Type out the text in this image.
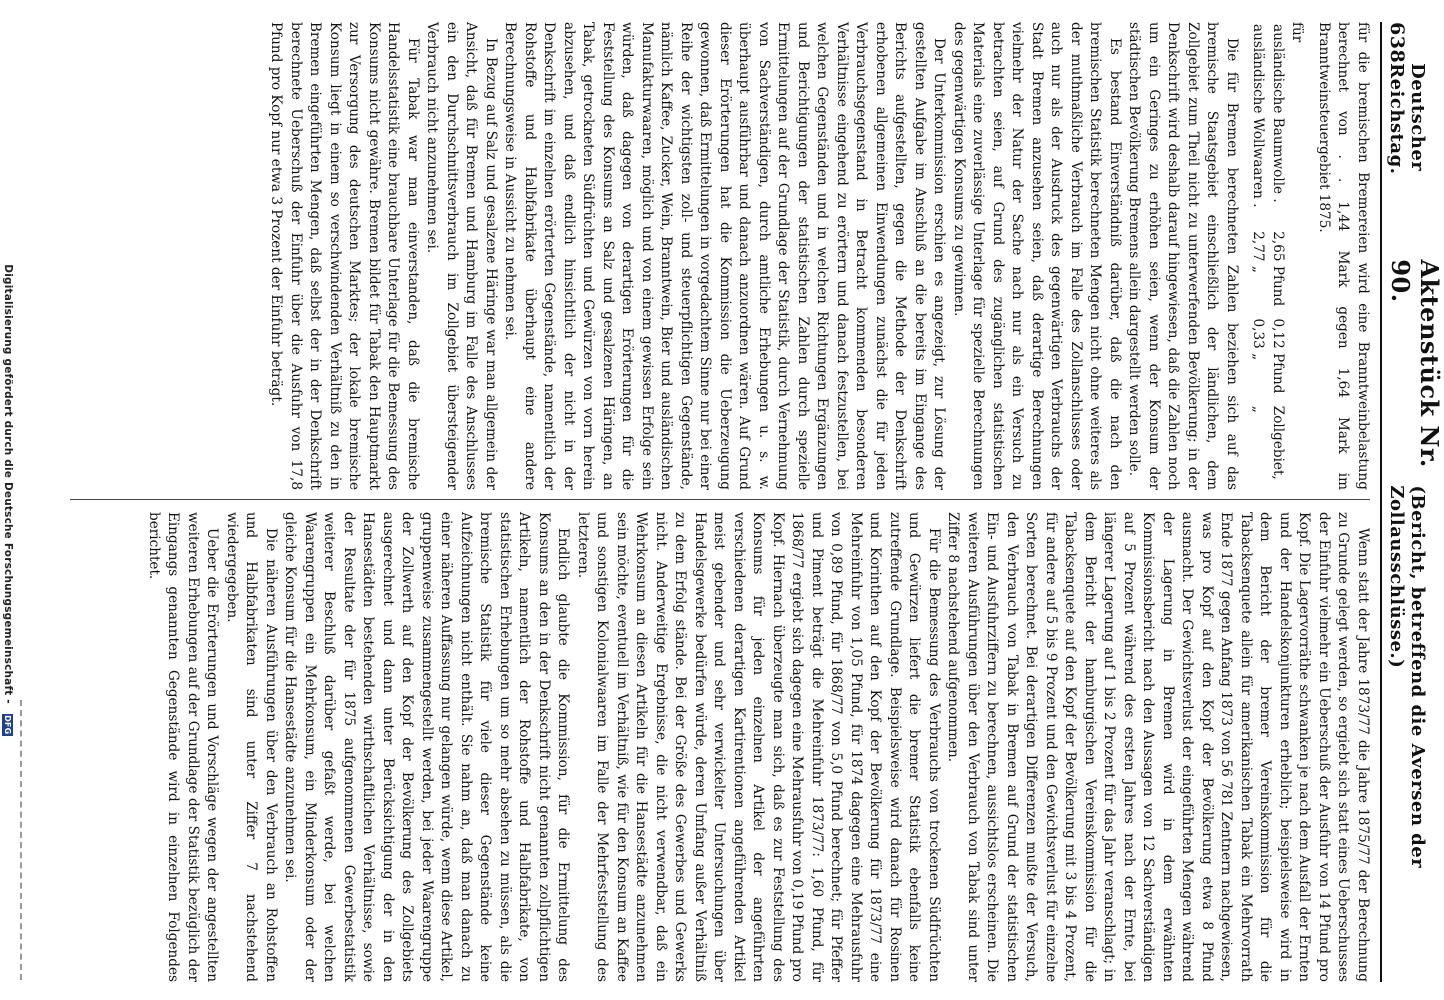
638
Deutscher Reichstag.
Aktenstück Nr. 90.
(Bericht, betreffend die Aversen der Zollausschlüsse.)

für die bremischen Bremereien wird eine Branntweinbelastung berechnet von . . 1,44 Mark gegen 1,64 Mark im Branntweinsteuergebiet 1875.

für
ausländische Baumwolle .	2,65 Pfund	0,12 Pfund	Zollgebiet,
ausländische Wollwaaren .	2,77 „	0,33 „	„

Die für Bremen berechneten Zahlen beziehen sich auf das bremische Staatsgebiet einschließlich der ländlichen, dem Zollgebiet zum Theil nicht zu unterwerfenden Bevölkerung; in der Denkschrift wird deshalb darauf hingewiesen, daß die Zahlen noch um ein Geringes zu erhöhen seien, wenn der Konsum der städtischen Bevölkerung Bremens allein dargestellt werden solle.

Es bestand Einverständniß darüber, daß die nach den bremischen Statistik berechneten Mengen nicht ohne weiteres als der muthmaßliche Verbrauch im Falle des Zollanschlusses oder auch nur als der Ausdruck des gegenwärtigen Verbrauchs der Stadt Bremen anzusehen seien, daß derartige Berechnungen vielmehr der Natur der Sache nach nur als ein Versuch zu betrachten seien, auf Grund des zugänglichen statistischen Materials eine zuverlässige Unterlage für spezielle Berechnungen des gegenwärtigen Konsums zu gewinnen.

Der Unterkommission erschien es angezeigt, zur Lösung der gestellten Aufgabe im Anschluß an die bereits im Eingange des Berichts aufgestellten, gegen die Methode der Denkschrift erhobenen allgemeinen Einwendungen zunächst die für jeden Verbrauchsgegenstand in Betracht kommenden besonderen Verhältnisse eingehend zu erörtern und danach festzustellen, bei welchen Gegenständen und in welchen Richtungen Ergänzungen und Berichtigungen der statistischen Zahlen durch spezielle Ermittelungen auf der Grundlage der Statistik, durch Vernehmung von Sachverständigen, durch amtliche Erhebungen u. s. w. überhaupt ausführbar und danach anzuordnen wären. Auf Grund dieser Erörterungen hat die Kommission die Ueberzeugung gewonnen, daß Ermittelungen in vorgedachtem Sinne nur bei einer Reihe der wichtigsten zoll- und steuerpflichtigen Gegenstände, nämlich Kaffee, Zucker, Wein, Branntwein, Bier und ausländischen Manufakturwaaren, möglich und von einem gewissen Erfolge sein würden, daß dagegen von derartigen Erörterungen für die Feststellung des Konsums an Salz und gesalzenen Häringen, an Tabak, getrockneten Südfrüchten und Gewürzen von vorn herein abzusehen, und daß endlich hinsichtlich der nicht in der Denkschrift im einzelnen erörterten Gegenstände, namentlich der Rohstoffe und Halbfabrikate überhaupt eine andere Berechnungsweise in Aussicht zu nehmen sei.

In Bezug auf Salz und gesalzene Häringe war man allgemein der Ansicht, daß für Bremen und Hamburg im Falle des Anschlusses ein den Durchschnittsverbrauch im Zollgebiet übersteigender Verbrauch nicht anzunehmen sei.

Für Tabak war man einverstanden, daß die bremische Handelsstatistik eine brauchbare Unterlage für die Bemessung des Konsums nicht gewähre. Bremen bildet für Tabak den Hauptmarkt zur Versorgung des deutschen Marktes; der lokale bremische Konsum liegt in einem so verschwindenden Verhältniß zu den in Bremen eingeführten Mengen, daß selbst der in der Denkschrift berechnete Ueberschuß der Einfuhr über die Ausfuhr von 17,8 Pfund pro Kopf nur etwa 3 Prozent der Einfuhr beträgt.

Wenn statt der Jahre 1873/77 die Jahre 1875/77 der Berechnung zu Grunde gelegt werden, so ergiebt sich statt eines Ueberschusses der Einfuhr vielmehr ein Ueberschuß der Ausfuhr von 14 Pfund pro Kopf. Die Lagervorräthe schwanken je nach dem Ausfall der Ernten und der Handelskonjunkturen erheblich; beispielsweise wird in dem Bericht der bremer Vereinskommission für die Tabacksenquete allein für amerikanischen Tabak ein Mehrvorrath Ende 1877 gegen Anfang 1873 von 56 781 Zentnern nachgewiesen, was pro Kopf auf den Kopf der Bevölkerung etwa 8 Pfund ausmacht. Der Gewichtsverlust der eingeführten Mengen während der Lagerung in Bremen wird in dem erwähnten Kommissionsbericht nach den Aussagen von 12 Sachverständigen auf 5 Prozent während des ersten Jahres nach der Ernte, bei längerer Lagerung auf 1 bis 2 Prozent für das Jahr veranschlagt; in dem Bericht der hamburgischen Vereinskommission für die Tabacksenquete auf den Kopf der Bevölkerung mit 3 bis 4 Prozent, für andere auf 5 bis 9 Prozent und den Gewichtsverlust für einzelne Sorten berechnet. Bei derartigen Differenzen mußte der Versuch, den Verbrauch von Tabak in Bremen auf Grund der statistischen Ein- und Ausfuhrziffern zu berechnen, aussichtslos erscheinen. Die weiteren Ausführungen über den Verbrauch von Tabak sind unter Ziffer 8 nachstehend aufgenommen.

Für die Bemessung des Verbrauchs von trockenen Südfrüchten und Gewürzen liefert die bremer Statistik ebenfalls keine zutreffende Grundlage. Beispielsweise wird danach für Rosinen und Korinthen auf den Kopf der Bevölkerung für 1873/77 eine Mehreinfuhr von 1,05 Pfund, für 1874 dagegen eine Mehrausfuhr von 0,89 Pfund, für 1868/77 von 5,0 Pfund berechnet; für Pfeffer und Piment beträgt die Mehreinfuhr 1873/77: 1,60 Pfund, für 1868/77 ergiebt sich dagegen eine Mehrausfuhr von 0,19 Pfund pro Kopf. Hiernach überzeugte man sich, daß es zur Feststellung des Konsums für jeden einzelnen Artikel der angeführten verschiedenen derartigen Kartirentionen angeführenden Artikel meist gebender und sehr verwickelter Untersuchungen über Handelsgewerke bedürfen würde, deren Umfang außer Verhältniß zu dem Erfolg stände. Bei der Größe des Gewerbes und Gewerks nicht. Anderweitige Ergebnisse, die nicht verwendbar, daß ein Wehrkonsum an diesen Artikeln für die Hansestädte anzunehmen sein möchte, eventuell im Verhältniß, wie für den Konsum an Kaffee und sonstigen Kolonialwaaren im Falle der Mehrfeststellung des letzteren.

Endlich glaubte die Kommission, für die Ermittelung des Konsums an den in der Denkschrift nicht genannten zollpflichtigen Artikeln, namentlich der Rohstoffe und Halbfabrikate, von statistischen Erhebungen um so mehr absehen zu müssen, als die bremische Statistik für viele dieser Gegenstände keine Aufzeichnungen nicht enthält. Sie nahm an, daß man danach zu einer näheren Auffassung nur gelangen würde, wenn diese Artikel, gruppenweise zusammengestellt werden, bei jeder Waarengruppe der Zollwerth auf den Kopf der Bevölkerung des Zollgebiets ausgerechnet und dann unter Berücksichtigung der in den Hansestädten bestehenden wirthschaftlichen Verhältnisse, sowie der Resultate der für 1875 aufgenommenen Gewerbestatistik weiterer Beschluß darüber gefaßt werde, bei welchen Waarengruppen ein Mehrkonsum, ein Minderkonsum oder der gleiche Konsum für die Hansestädte anzunehmen sei.

Die näheren Ausführungen über den Verbrauch an Rohstoffen und Halbfabrikaten sind unter Ziffer 7 nachstehend wiedergegeben.

Ueber die Erörterungen und Vorschläge wegen der angestellten weiteren Erhebungen auf der Grundlage der Statistik bezüglich der Eingangs genannten Gegenstände wird in einzelnen Folgendes berichtet.

Digitalisierung gefördert durch die Deutsche Forschungsgemeinschaft - DFG
